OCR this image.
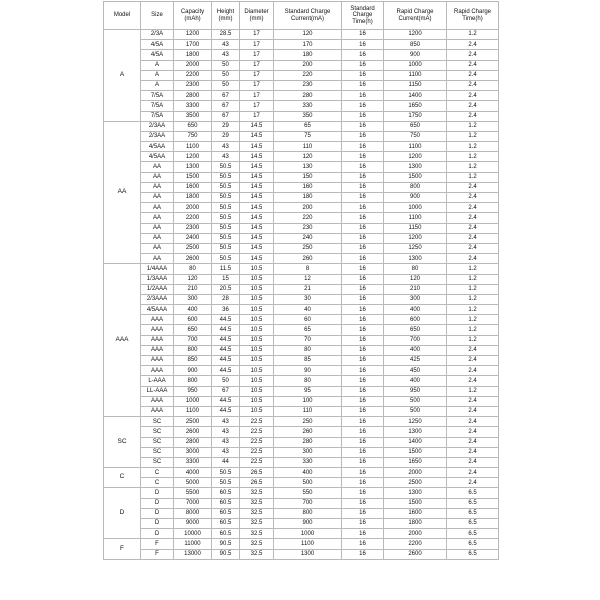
Model	Size	Capacity (mAh)	Height (mm)	Diameter (mm)	Standard Charge Current(mA)	Standard Charge Time(h)	Rapid Charge Current(mA)	Rapid Charge Time(h)
A	2/3A	1200	28.5	17	120	16	1200	1.2
	4/5A	1700	43	17	170	16	850	2.4
	4/5A	1800	43	17	180	16	900	2.4
	A	2000	50	17	200	16	1000	2.4
	A	2200	50	17	220	16	1100	2.4
	A	2300	50	17	230	16	1150	2.4
	7/5A	2800	67	17	280	16	1400	2.4
	7/5A	3300	67	17	330	16	1650	2.4
	7/5A	3500	67	17	350	16	1750	2.4
AA	2/3AA	650	29	14.5	65	16	650	1.2
	2/3AA	750	29	14.5	75	16	750	1.2
	4/5AA	1100	43	14.5	110	16	1100	1.2
	4/5AA	1200	43	14.5	120	16	1200	1.2
	AA	1300	50.5	14.5	130	16	1300	1.2
	AA	1500	50.5	14.5	150	16	1500	1.2
	AA	1600	50.5	14.5	160	16	800	2.4
	AA	1800	50.5	14.5	180	16	900	2.4
	AA	2000	50.5	14.5	200	16	1000	2.4
	AA	2200	50.5	14.5	220	16	1100	2.4
	AA	2300	50.5	14.5	230	16	1150	2.4
	AA	2400	50.5	14.5	240	16	1200	2.4
	AA	2500	50.5	14.5	250	16	1250	2.4
	AA	2600	50.5	14.5	260	16	1300	2.4
AAA	1/4AAA	80	11.5	10.5	8	16	80	1.2
	1/3AAA	120	15	10.5	12	16	120	1.2
	1/2AAA	210	20.5	10.5	21	16	210	1.2
	2/3AAA	300	28	10.5	30	16	300	1.2
	4/5AAA	400	36	10.5	40	16	400	1.2
	AAA	600	44.5	10.5	60	16	600	1.2
	AAA	650	44.5	10.5	65	16	650	1.2
	AAA	700	44.5	10.5	70	16	700	1.2
	AAA	800	44.5	10.5	80	16	400	2.4
	AAA	850	44.5	10.5	85	16	425	2.4
	AAA	900	44.5	10.5	90	16	450	2.4
	L-AAA	800	50	10.5	80	16	400	2.4
	LL-AAA	950	67	10.5	95	16	950	1.2
	AAA	1000	44.5	10.5	100	16	500	2.4
	AAA	1100	44.5	10.5	110	16	500	2.4
SC	SC	2500	43	22.5	250	16	1250	2.4
	SC	2600	43	22.5	260	16	1300	2.4
	SC	2800	43	22.5	280	16	1400	2.4
	SC	3000	43	22.5	300	16	1500	2.4
	SC	3300	44	22.5	330	16	1650	2.4
C	C	4000	50.5	26.5	400	16	2000	2.4
	C	5000	50.5	26.5	500	16	2500	2.4
D	D	5500	60.5	32.5	550	16	1300	6.5
	D	7000	60.5	32.5	700	16	1500	6.5
	D	8000	60.5	32.5	800	16	1600	6.5
	D	9000	60.5	32.5	900	16	1800	6.5
	D	10000	60.5	32.5	1000	16	2000	6.5
F	F	11000	90.5	32.5	1100	16	2200	6.5
	F	13000	90.5	32.5	1300	16	2600	6.5
